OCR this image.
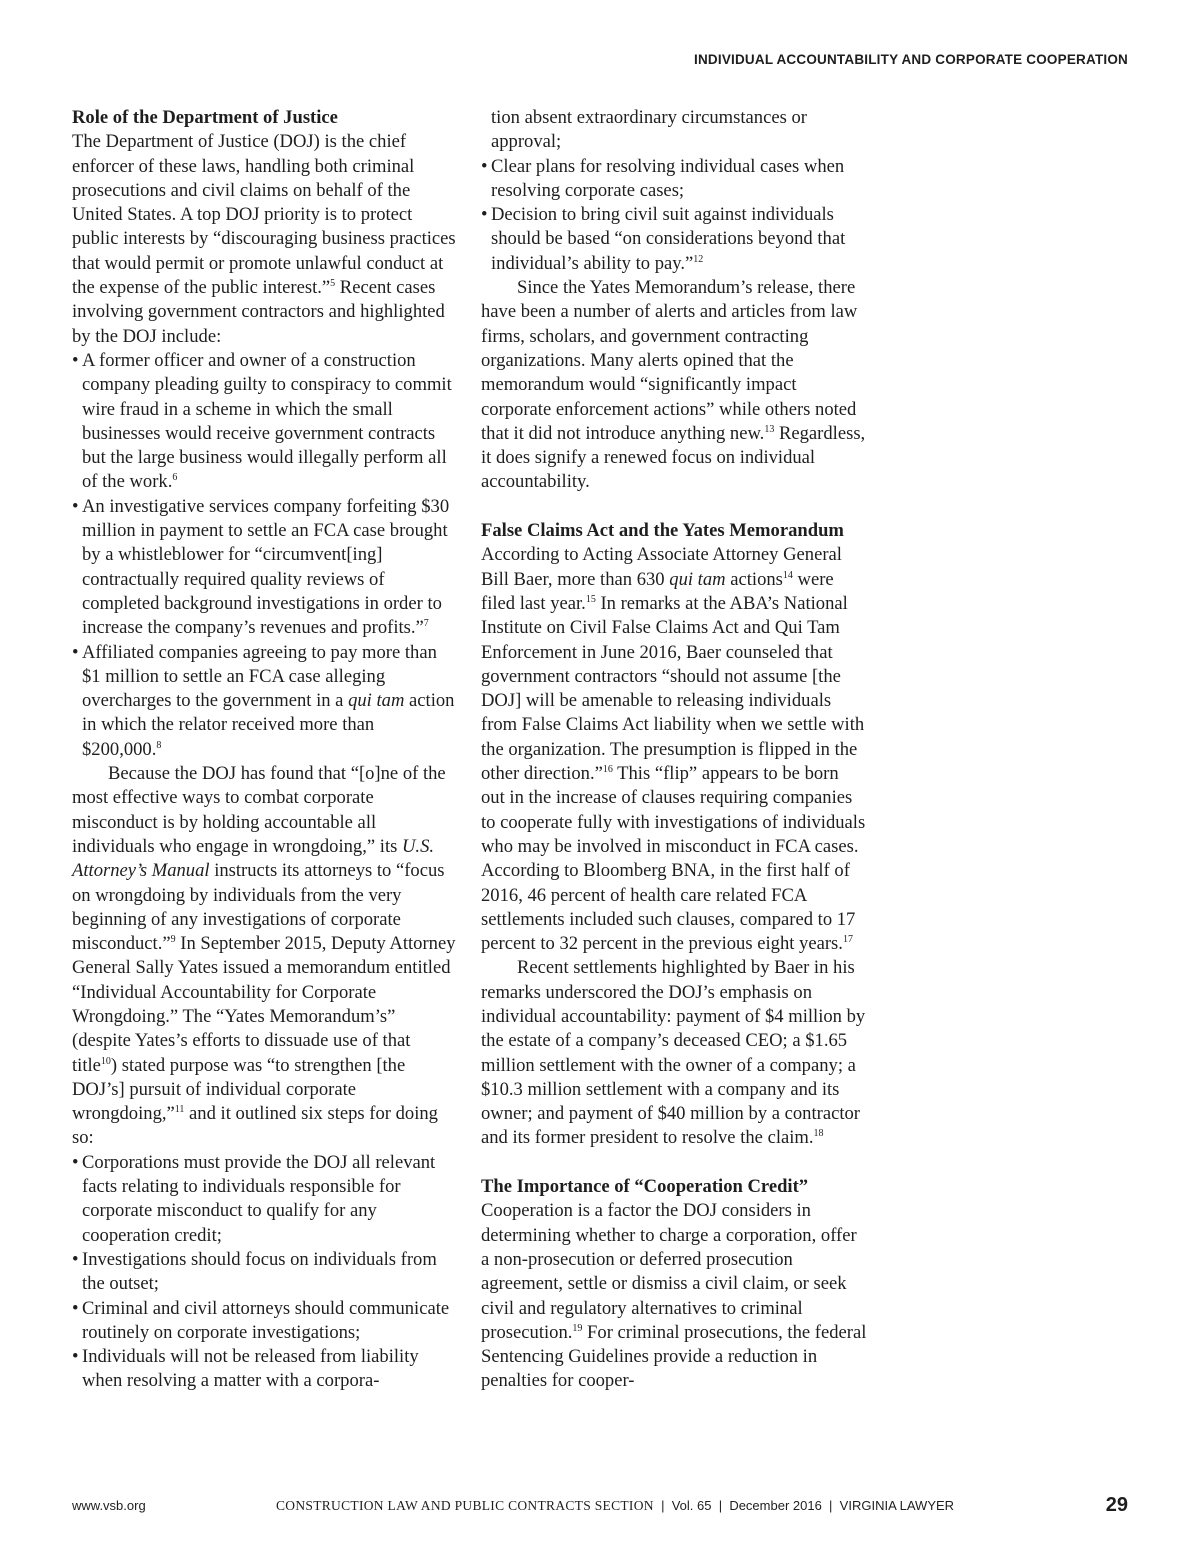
INDIVIDUAL ACCOUNTABILITY AND CORPORATE COOPERATION
Role of the Department of Justice

The Department of Justice (DOJ) is the chief enforcer of these laws, handling both criminal prosecutions and civil claims on behalf of the United States. A top DOJ priority is to protect public interests by “discouraging business practices that would permit or promote unlawful conduct at the expense of the public interest.”$^5$ Recent cases involving government contractors and highlighted by the DOJ include:

• A former officer and owner of a construction company pleading guilty to conspiracy to commit wire fraud in a scheme in which the small businesses would receive government contracts but the large business would illegally perform all of the work.$^6$
• An investigative services company forfeiting $30 million in payment to settle an FCA case brought by a whistleblower for “circumvent[ing] contractually required quality reviews of completed background investigations in order to increase the company’s revenues and profits.”$^7$
• Affiliated companies agreeing to pay more than $1 million to settle an FCA case alleging overcharges to the government in a qui tam action in which the relator received more than $200,000.$^8$

Because the DOJ has found that “[o]ne of the most effective ways to combat corporate misconduct is by holding accountable all individuals who engage in wrongdoing,” its U.S. Attorney’s Manual instructs its attorneys to “focus on wrongdoing by individuals from the very beginning of any investigations of corporate misconduct.”$^9$ In September 2015, Deputy Attorney General Sally Yates issued a memorandum entitled “Individual Accountability for Corporate Wrongdoing.” The “Yates Memorandum’s” (despite Yates’s efforts to dissuade use of that title$^{10}$) stated purpose was “to strengthen [the DOJ’s] pursuit of individual corporate wrongdoing,”$^{11}$ and it outlined six steps for doing so:

• Corporations must provide the DOJ all relevant facts relating to individuals responsible for corporate misconduct to qualify for any cooperation credit;
• Investigations should focus on individuals from the outset;
• Criminal and civil attorneys should communicate routinely on corporate investigations;
• Individuals will not be released from liability when resolving a matter with a corpora-
tion absent extraordinary circumstances or approval;
• Clear plans for resolving individual cases when resolving corporate cases;
• Decision to bring civil suit against individuals should be based “on considerations beyond that individual’s ability to pay.”$^{12}$

Since the Yates Memorandum’s release, there have been a number of alerts and articles from law firms, scholars, and government contracting organizations. Many alerts opined that the memorandum would “significantly impact corporate enforcement actions” while others noted that it did not introduce anything new.$^{13}$ Regardless, it does signify a renewed focus on individual accountability.

False Claims Act and the Yates Memorandum

According to Acting Associate Attorney General Bill Baer, more than 630 qui tam actions$^{14}$ were filed last year.$^{15}$ In remarks at the ABA’s National Institute on Civil False Claims Act and Qui Tam Enforcement in June 2016, Baer counseled that government contractors “should not assume [the DOJ] will be amenable to releasing individuals from False Claims Act liability when we settle with the organization. The presumption is flipped in the other direction.”$^{16}$ This “flip” appears to be born out in the increase of clauses requiring companies to cooperate fully with investigations of individuals who may be involved in misconduct in FCA cases. According to Bloomberg BNA, in the first half of 2016, 46 percent of health care related FCA settlements included such clauses, compared to 17 percent to 32 percent in the previous eight years.$^{17}$

Recent settlements highlighted by Baer in his remarks underscored the DOJ’s emphasis on individual accountability: payment of $4 million by the estate of a company’s deceased CEO; a $1.65 million settlement with the owner of a company; a $10.3 million settlement with a company and its owner; and payment of $40 million by a contractor and its former president to resolve the claim.$^{18}$

The Importance of “Cooperation Credit”

Cooperation is a factor the DOJ considers in determining whether to charge a corporation, offer a non-prosecution or deferred prosecution agreement, settle or dismiss a civil claim, or seek civil and regulatory alternatives to criminal prosecution.$^{19}$ For criminal prosecutions, the federal Sentencing Guidelines provide a reduction in penalties for cooper-

www.vsb.org	CONSTRUCTION LAW AND PUBLIC CONTRACTS SECTION | Vol. 65 | December 2016 | VIRGINIA LAWYER	29
